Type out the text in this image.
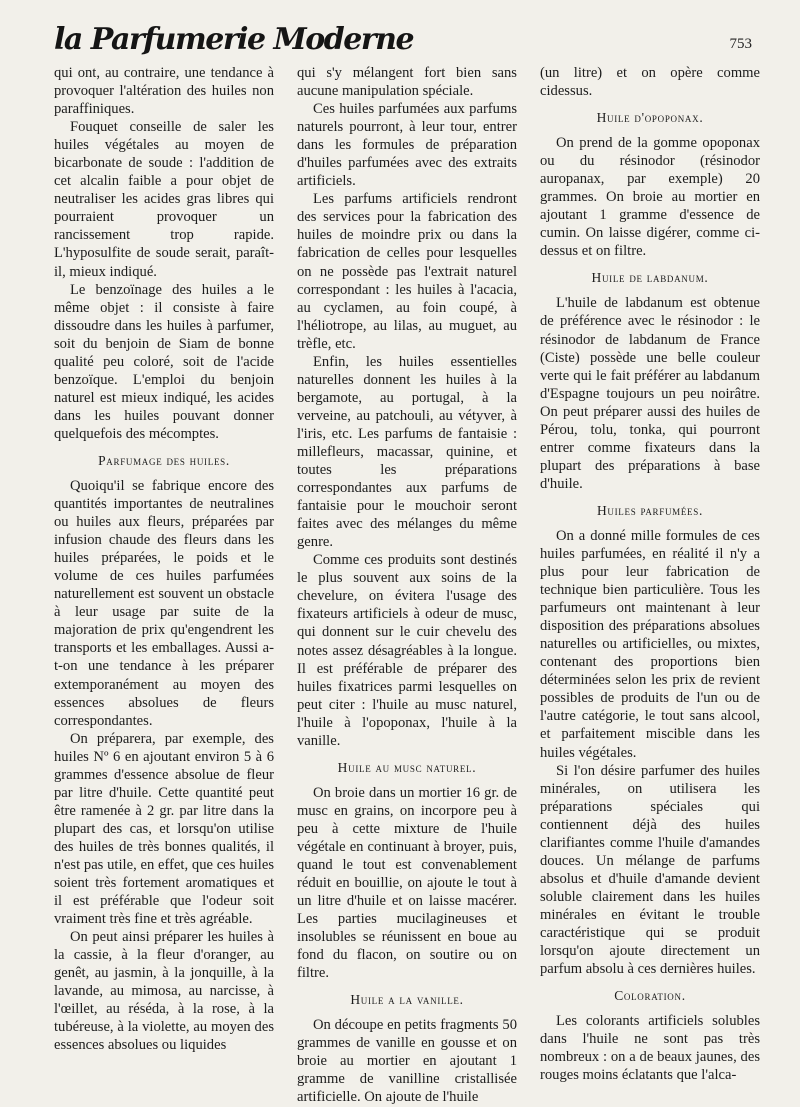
la Parfumerie Moderne	753

qui ont, au contraire, une tendance à provoquer l'altération des huiles non paraffiniques.

Fouquet conseille de saler les huiles végétales au moyen de bicarbonate de soude : l'addition de cet alcalin faible a pour objet de neutraliser les acides gras libres qui pourraient provoquer un rancissement trop rapide. L'hyposulfite de soude serait, paraît-il, mieux indiqué.

Le benzoïnage des huiles a le même objet : il consiste à faire dissoudre dans les huiles à parfumer, soit du benjoin de Siam de bonne qualité peu coloré, soit de l'acide benzoïque. L'emploi du benjoin naturel est mieux indiqué, les acides dans les huiles pouvant donner quelquefois des mécomptes.

Parfumage des huiles.

Quoiqu'il se fabrique encore des quantités importantes de neutralines ou huiles aux fleurs, préparées par infusion chaude des fleurs dans les huiles préparées, le poids et le volume de ces huiles parfumées naturellement est souvent un obstacle à leur usage par suite de la majoration de prix qu'engendrent les transports et les emballages. Aussi a-t-on une tendance à les préparer extemporanément au moyen des essences absolues de fleurs correspondantes.

On préparera, par exemple, des huiles Nº 6 en ajoutant environ 5 à 6 grammes d'essence absolue de fleur par litre d'huile. Cette quantité peut être ramenée à 2 gr. par litre dans la plupart des cas, et lorsqu'on utilise des huiles de très bonnes qualités, il n'est pas utile, en effet, que ces huiles soient très fortement aromatiques et il est préférable que l'odeur soit vraiment très fine et très agréable.

On peut ainsi préparer les huiles à la cassie, à la fleur d'oranger, au genêt, au jasmin, à la jonquille, à la lavande, au mimosa, au narcisse, à l'œillet, au réséda, à la rose, à la tubéreuse, à la violette, au moyen des essences absolues ou liquides

qui s'y mélangent fort bien sans aucune manipulation spéciale.

Ces huiles parfumées aux parfums naturels pourront, à leur tour, entrer dans les formules de préparation d'huiles parfumées avec des extraits artificiels.

Les parfums artificiels rendront des services pour la fabrication des huiles de moindre prix ou dans la fabrication de celles pour lesquelles on ne possède pas l'extrait naturel correspondant : les huiles à l'acacia, au cyclamen, au foin coupé, à l'héliotrope, au lilas, au muguet, au trèfle, etc.

Enfin, les huiles essentielles naturelles donnent les huiles à la bergamote, au portugal, à la verveine, au patchouli, au vétyver, à l'iris, etc. Les parfums de fantaisie : millefleurs, macassar, quinine, et toutes les préparations correspondantes aux parfums de fantaisie pour le mouchoir seront faites avec des mélanges du même genre.

Comme ces produits sont destinés le plus souvent aux soins de la chevelure, on évitera l'usage des fixateurs artificiels à odeur de musc, qui donnent sur le cuir chevelu des notes assez désagréables à la longue. Il est préférable de préparer des huiles fixatrices parmi lesquelles on peut citer : l'huile au musc naturel, l'huile à l'opoponax, l'huile à la vanille.

Huile au musc naturel.

On broie dans un mortier 16 gr. de musc en grains, on incorpore peu à peu à cette mixture de l'huile végétale en continuant à broyer, puis, quand le tout est convenablement réduit en bouillie, on ajoute le tout à un litre d'huile et on laisse macérer. Les parties mucilagineuses et insolubles se réunissent en boue au fond du flacon, on soutire ou on filtre.

Huile a la vanille.

On découpe en petits fragments 50 grammes de vanille en gousse et on broie au mortier en ajoutant 1 gramme de vanilline cristallisée artificielle. On ajoute de l'huile

(un litre) et on opère comme cidessus.

Huile d'opoponax.

On prend de la gomme opoponax ou du résinodor (résinodor auropanax, par exemple) 20 grammes. On broie au mortier en ajoutant 1 gramme d'essence de cumin. On laisse digérer, comme ci-dessus et on filtre.

Huile de labdanum.

L'huile de labdanum est obtenue de préférence avec le résinodor : le résinodor de labdanum de France (Ciste) possède une belle couleur verte qui le fait préférer au labdanum d'Espagne toujours un peu noirâtre. On peut préparer aussi des huiles de Pérou, tolu, tonka, qui pourront entrer comme fixateurs dans la plupart des préparations à base d'huile.

Huiles parfumées.

On a donné mille formules de ces huiles parfumées, en réalité il n'y a plus pour leur fabrication de technique bien particulière. Tous les parfumeurs ont maintenant à leur disposition des préparations absolues naturelles ou artificielles, ou mixtes, contenant des proportions bien déterminées selon les prix de revient possibles de produits de l'un ou de l'autre catégorie, le tout sans alcool, et parfaitement miscible dans les huiles végétales.

Si l'on désire parfumer des huiles minérales, on utilisera les préparations spéciales qui contiennent déjà des huiles clarifiantes comme l'huile d'amandes douces. Un mélange de parfums absolus et d'huile d'amande devient soluble clairement dans les huiles minérales en évitant le trouble caractéristique qui se produit lorsqu'on ajoute directement un parfum absolu à ces dernières huiles.

Coloration.

Les colorants artificiels solubles dans l'huile ne sont pas très nombreux : on a de beaux jaunes, des rouges moins éclatants que l'alca-
